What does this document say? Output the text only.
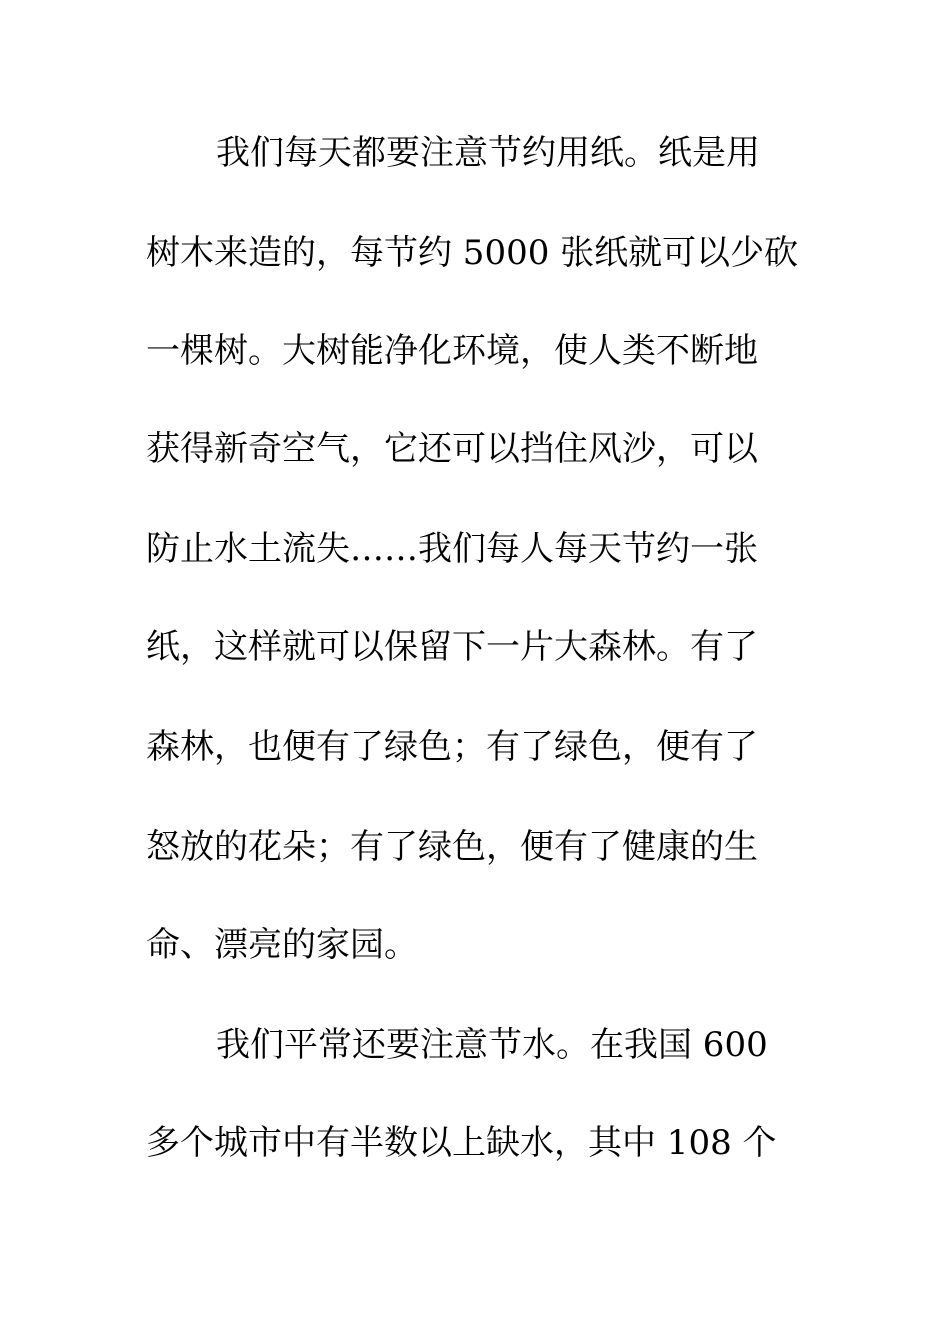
我们每天都要注意节约用纸。纸是用
树木来造的，每节约 5000 张纸就可以少砍
一棵树。大树能净化环境，使人类不断地
获得新奇空气，它还可以挡住风沙，可以
防止水土流失……我们每人每天节约一张
纸，这样就可以保留下一片大森林。有了
森林，也便有了绿色；有了绿色，便有了
怒放的花朵；有了绿色，便有了健康的生
命、漂亮的家园。
我们平常还要注意节水。在我国 600
多个城市中有半数以上缺水，其中 108 个
